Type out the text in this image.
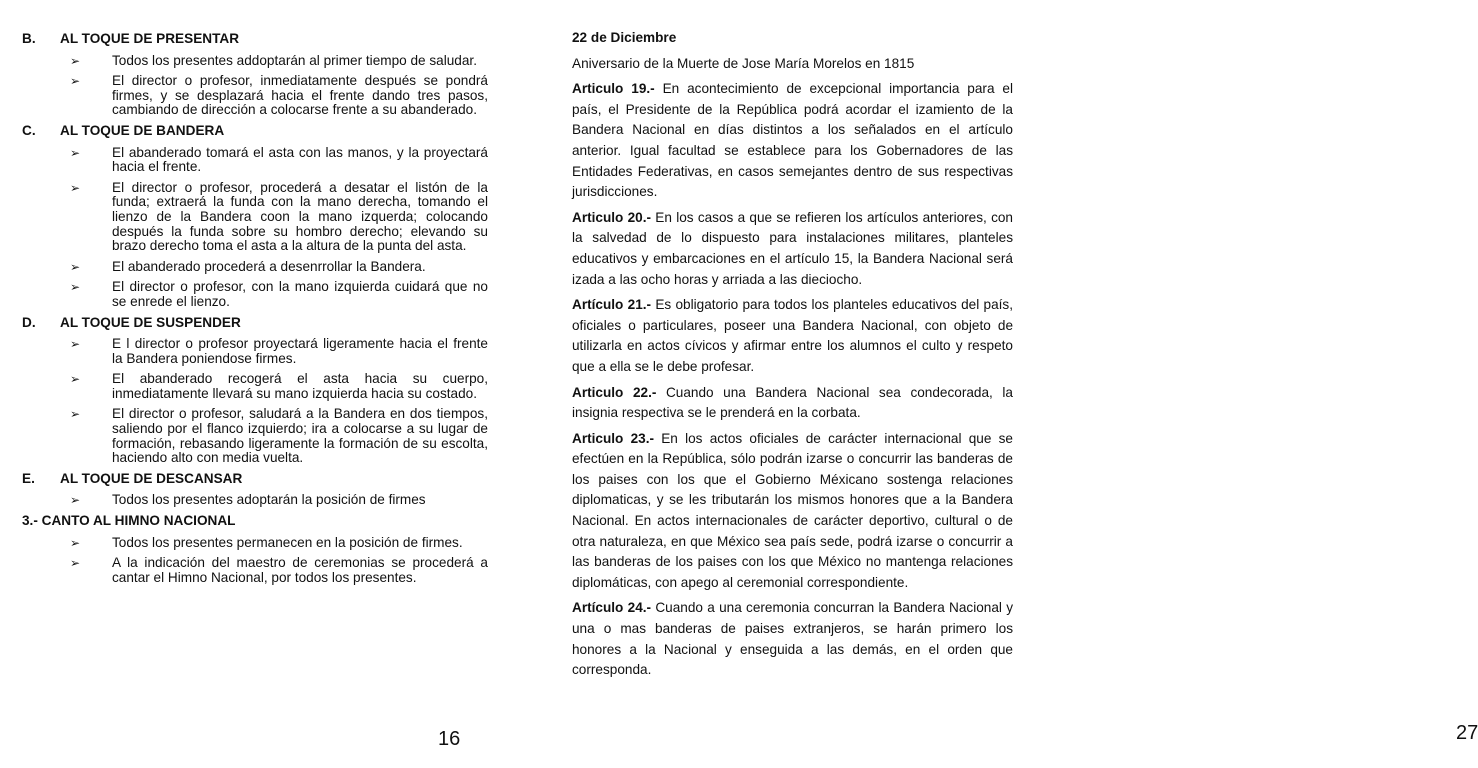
B.	AL TOQUE DE PRESENTAR
➢	Todos los presentes addoptarán al primer tiempo de saludar.
➢	El director o profesor, inmediatamente después se pondrá firmes, y se desplazará hacia el frente dando tres pasos, cambiando de dirección a colocarse frente a su abanderado.
C.	AL TOQUE DE BANDERA
➢	El abanderado tomará el asta con las manos, y la proyectará hacia el frente.
➢	El director o profesor, procederá a desatar el listón de la funda; extraerá la funda con la mano derecha, tomando el lienzo de la Bandera coon la mano izquerda; colocando después la funda sobre su hombro derecho; elevando su brazo derecho toma el asta a la altura de la punta del asta.
➢	El abanderado procederá a desenrrollar la Bandera.
➢	El director o profesor, con la mano izquierda cuidará que no se enrede el lienzo.
D.	AL TOQUE DE SUSPENDER
➢	E l director o profesor proyectará ligeramente hacia el frente la Bandera poniendose firmes.
➢	El abanderado recogerá el asta hacia su cuerpo, inmediatamente llevará su mano izquierda hacia su costado.
➢	El director o profesor, saludará a la Bandera en dos tiempos, saliendo por el flanco izquierdo; ira a colocarse a su lugar de formación, rebasando ligeramente la formación de su escolta, haciendo alto con media vuelta.
E.	AL TOQUE DE DESCANSAR
➢	Todos los presentes adoptarán la posición de firmes
3.- CANTO AL HIMNO NACIONAL
➢	Todos los presentes permanecen en la posición de firmes.
➢	A la indicación del maestro de ceremonias se procederá a cantar el Himno Nacional, por todos los presentes.
16

22 de Diciembre

Aniversario de la Muerte de Jose María Morelos en 1815

Articulo 19.- En acontecimiento de excepcional importancia para el país, el Presidente de la República podrá acordar el izamiento de la Bandera Nacional en días distintos a los señalados en el artículo anterior. Igual facultad se establece para los Gobernadores de las Entidades Federativas, en casos semejantes dentro de sus respectivas jurisdicciones.

Articulo 20.- En los casos a que se refieren los artículos anteriores, con la salvedad de lo dispuesto para instalaciones militares, planteles educativos y embarcaciones en el artículo 15, la Bandera Nacional será izada a las ocho horas y arriada a las dieciocho.

Artículo 21.- Es obligatorio para todos los planteles educativos del país, oficiales o particulares, poseer una Bandera Nacional, con objeto de utilizarla en actos cívicos y afirmar entre los alumnos el culto y respeto que a ella se le debe profesar.

Articulo 22.- Cuando una Bandera Nacional sea condecorada, la insignia respectiva se le prenderá en la corbata.

Articulo 23.- En los actos oficiales de carácter internacional que se efectúen en la República, sólo podrán izarse o concurrir las banderas de los paises con los que el Gobierno Méxicano sostenga relaciones diplomaticas, y se les tributarán los mismos honores que a la Bandera Nacional. En actos internacionales de carácter deportivo, cultural o de otra naturaleza, en que México sea país sede, podrá izarse o concurrir a las banderas de los paises con los que México no mantenga relaciones diplomáticas, con apego al ceremonial correspondiente.

Artículo 24.- Cuando a una ceremonia concurran la Bandera Nacional y una o mas banderas de paises extranjeros, se harán primero los honores a la Nacional y enseguida a las demás, en el orden que corresponda.

27
